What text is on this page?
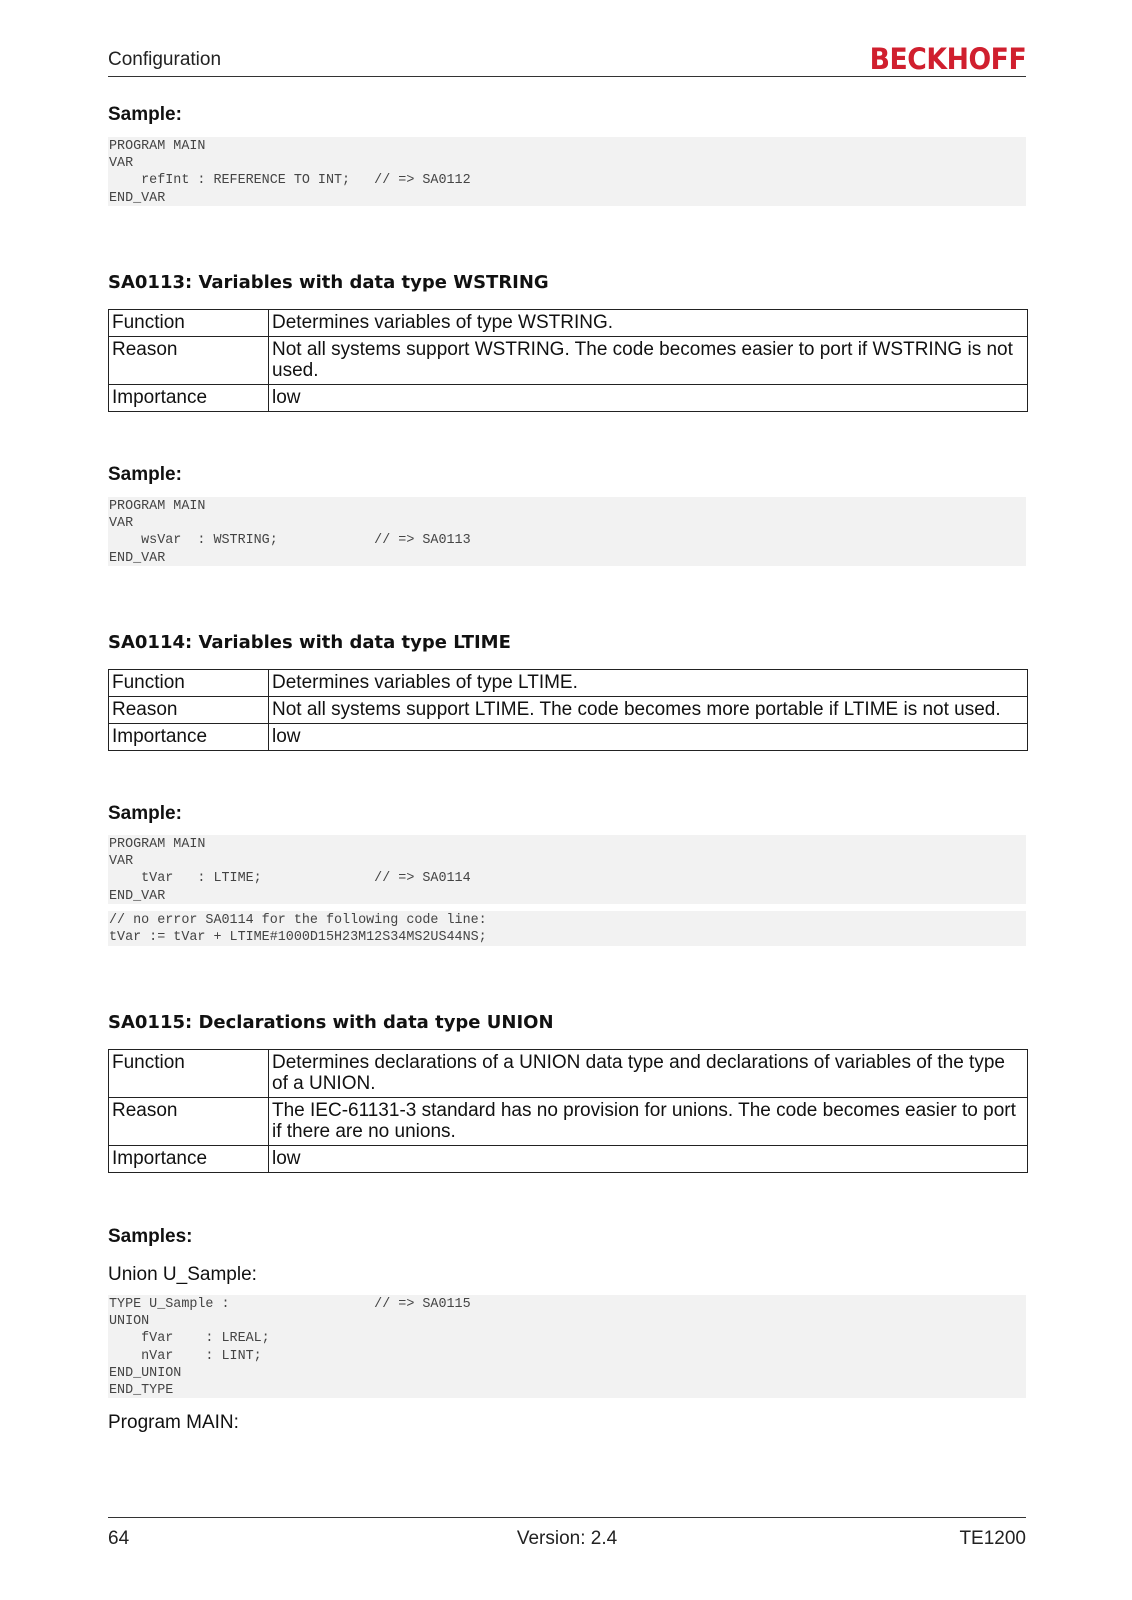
Configuration	BECKHOFF
Sample:
PROGRAM MAIN
VAR
refInt : REFERENCE TO INT;   // => SA0112
END_VAR
SA0113: Variables with data type WSTRING
Function	Determines variables of type WSTRING.
Reason	Not all systems support WSTRING. The code becomes easier to port if WSTRING is not used.
Importance	low
Sample:
PROGRAM MAIN
VAR
wsVar  : WSTRING;            // => SA0113
END_VAR
SA0114: Variables with data type LTIME
Function	Determines variables of type LTIME.
Reason	Not all systems support LTIME. The code becomes more portable if LTIME is not used.
Importance	low
Sample:
PROGRAM MAIN
VAR
tVar   : LTIME;              // => SA0114
END_VAR
// no error SA0114 for the following code line:
tVar := tVar + LTIME#1000D15H23M12S34MS2US44NS;
SA0115: Declarations with data type UNION
Function	Determines declarations of a UNION data type and declarations of variables of the type of a UNION.
Reason	The IEC-61131-3 standard has no provision for unions. The code becomes easier to port if there are no unions.
Importance	low
Samples:
Union U_Sample:
TYPE U_Sample :                  // => SA0115
UNION
fVar    : LREAL;
nVar    : LINT;
END_UNION
END_TYPE
Program MAIN:
64	Version: 2.4	TE1200
